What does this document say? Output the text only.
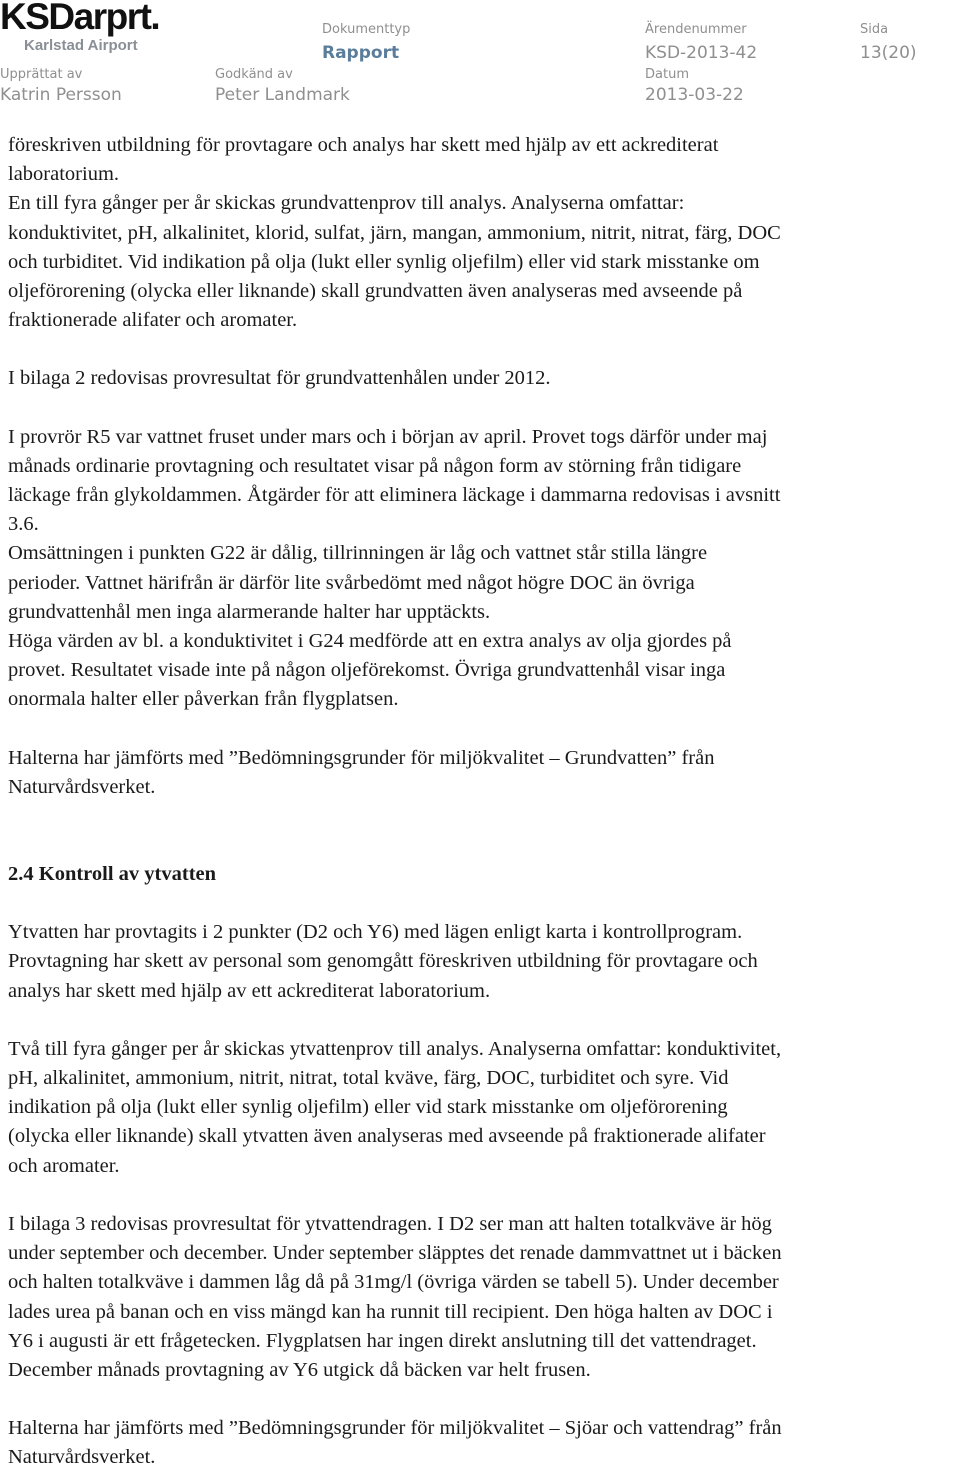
KSDarprt.
Karlstad Airport
Dokumenttyp
Rapport
Ärendenummer
KSD-2013-42
Sida
13(20)
Upprättat av
Katrin Persson
Godkänd av
Peter Landmark
Datum
2013-03-22

föreskriven utbildning för provtagare och analys har skett med hjälp av ett ackrediterat

laboratorium.

En till fyra gånger per år skickas grundvattenprov till analys. Analyserna omfattar:

konduktivitet, pH, alkalinitet, klorid, sulfat, järn, mangan, ammonium, nitrit, nitrat, färg, DOC

och turbiditet. Vid indikation på olja (lukt eller synlig oljefilm) eller vid stark misstanke om

oljeförorening (olycka eller liknande) skall grundvatten även analyseras med avseende på

fraktionerade alifater och aromater.

I bilaga 2 redovisas provresultat för grundvattenhålen under 2012.

I provrör R5 var vattnet fruset under mars och i början av april. Provet togs därför under maj

månads ordinarie provtagning och resultatet visar på någon form av störning från tidigare

läckage från glykoldammen. Åtgärder för att eliminera läckage i dammarna redovisas i avsnitt

3.6.

Omsättningen i punkten G22 är dålig, tillrinningen är låg och vattnet står stilla längre

perioder. Vattnet härifrån är därför lite svårbedömt med något högre DOC än övriga

grundvattenhål men inga alarmerande halter har upptäckts.

Höga värden av bl. a konduktivitet i G24 medförde att en extra analys av olja gjordes på

provet. Resultatet visade inte på någon oljeförekomst. Övriga grundvattenhål visar inga

onormala halter eller påverkan från flygplatsen.

Halterna har jämförts med ”Bedömningsgrunder för miljökvalitet – Grundvatten” från

Naturvårdsverket.

2.4 Kontroll av ytvatten

Ytvatten har provtagits i 2 punkter (D2 och Y6) med lägen enligt karta i kontrollprogram.

Provtagning har skett av personal som genomgått föreskriven utbildning för provtagare och

analys har skett med hjälp av ett ackrediterat laboratorium.

Två till fyra gånger per år skickas ytvattenprov till analys. Analyserna omfattar: konduktivitet,

pH, alkalinitet, ammonium, nitrit, nitrat, total kväve, färg, DOC, turbiditet och syre. Vid

indikation på olja (lukt eller synlig oljefilm) eller vid stark misstanke om oljeförorening

(olycka eller liknande) skall ytvatten även analyseras med avseende på fraktionerade alifater

och aromater.

I bilaga 3 redovisas provresultat för ytvattendragen. I D2 ser man att halten totalkväve är hög

under september och december. Under september släpptes det renade dammvattnet ut i bäcken

och halten totalkväve i dammen låg då på 31mg/l (övriga värden se tabell 5). Under december

lades urea på banan och en viss mängd kan ha runnit till recipient. Den höga halten av DOC i

Y6 i augusti är ett frågetecken. Flygplatsen har ingen direkt anslutning till det vattendraget.

December månads provtagning av Y6 utgick då bäcken var helt frusen.

Halterna har jämförts med ”Bedömningsgrunder för miljökvalitet – Sjöar och vattendrag” från

Naturvårdsverket.
